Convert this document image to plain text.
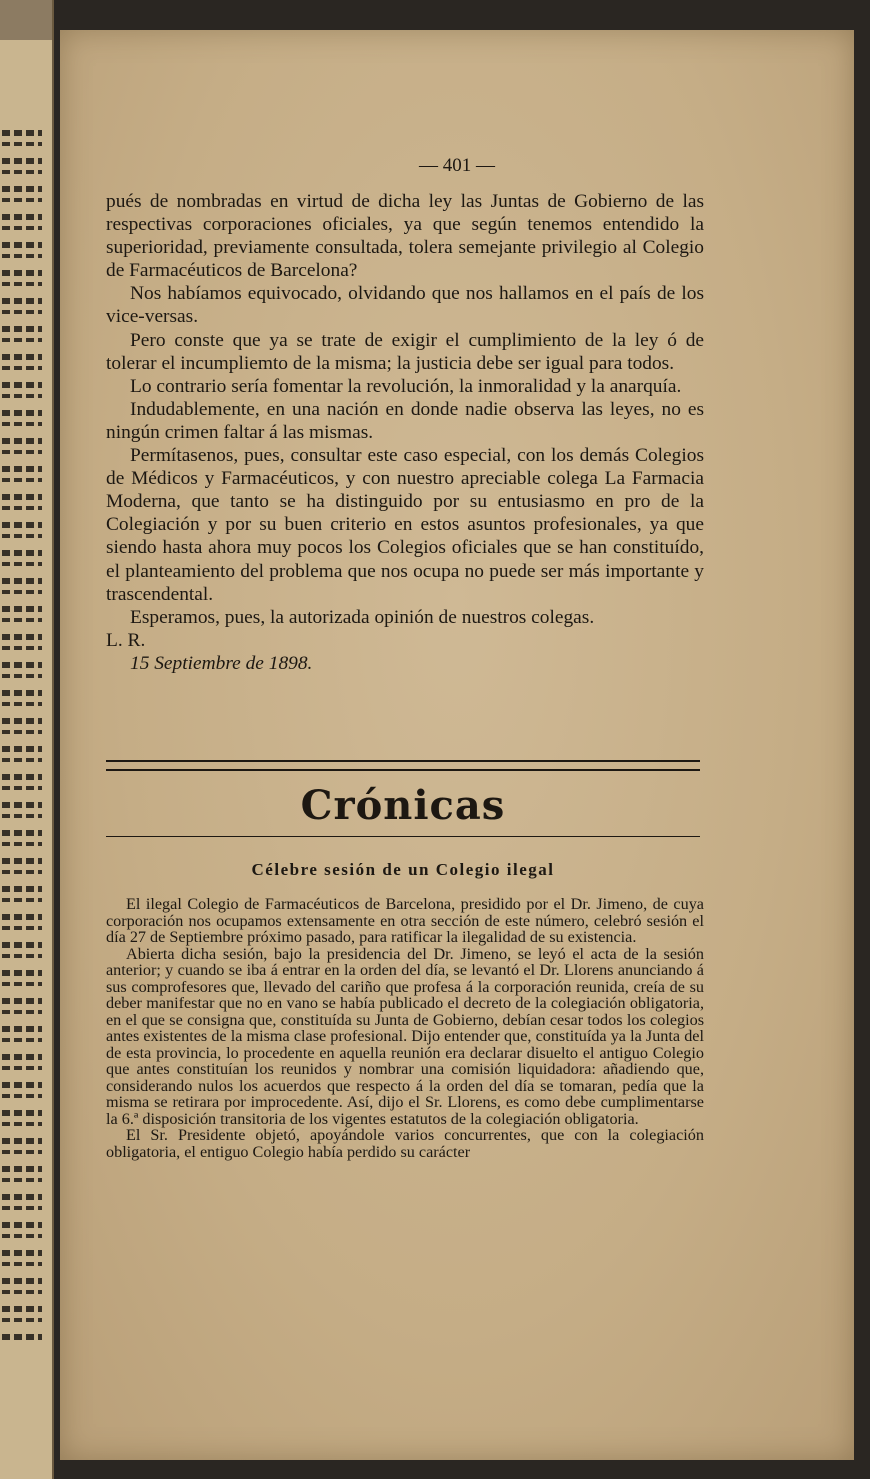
— 401 —

pués de nombradas en virtud de dicha ley las Juntas de Gobierno de las respectivas corporaciones oficiales, ya que según tenemos entendido la superioridad, previamente consultada, tolera semejante privilegio al Colegio de Farmacéuticos de Barcelona?

Nos habíamos equivocado, olvidando que nos hallamos en el país de los vice-versas.

Pero conste que ya se trate de exigir el cumplimiento de la ley ó de tolerar el incumpliemto de la misma; la justicia debe ser igual para todos.

Lo contrario sería fomentar la revolución, la inmoralidad y la anarquía.

Indudablemente, en una nación en donde nadie observa las leyes, no es ningún crimen faltar á las mismas.

Permítasenos, pues, consultar este caso especial, con los demás Colegios de Médicos y Farmacéuticos, y con nuestro apreciable colega La Farmacia Moderna, que tanto se ha distinguido por su entusiasmo en pro de la Colegiación y por su buen criterio en estos asuntos profesionales, ya que siendo hasta ahora muy pocos los Colegios oficiales que se han constituído, el planteamiento del problema que nos ocupa no puede ser más importante y trascendental.

Esperamos, pues, la autorizada opinión de nuestros colegas.

L. R.

15 Septiembre de 1898.

Crónicas
Célebre sesión de un Colegio ilegal

El ilegal Colegio de Farmacéuticos de Barcelona, presidido por el Dr. Jimeno, de cuya corporación nos ocupamos extensamente en otra sección de este número, celebró sesión el día 27 de Septiembre próximo pasado, para ratificar la ilegalidad de su existencia.

Abierta dicha sesión, bajo la presidencia del Dr. Jimeno, se leyó el acta de la sesión anterior; y cuando se iba á entrar en la orden del día, se levantó el Dr. Llorens anunciando á sus comprofesores que, llevado del cariño que profesa á la corporación reunida, creía de su deber manifestar que no en vano se había publicado el decreto de la colegiación obligatoria, en el que se consigna que, constituída su Junta de Gobierno, debían cesar todos los colegios antes existentes de la misma clase profesional. Dijo entender que, constituída ya la Junta del de esta provincia, lo procedente en aquella reunión era declarar disuelto el antiguo Colegio que antes constituían los reunidos y nombrar una comisión liquidadora: añadiendo que, considerando nulos los acuerdos que respecto á la orden del día se tomaran, pedía que la misma se retirara por improcedente. Así, dijo el Sr. Llorens, es como debe cumplimentarse la 6.ª disposición transitoria de los vigentes estatutos de la colegiación obligatoria.

El Sr. Presidente objetó, apoyándole varios concurrentes, que con la colegiación obligatoria, el entiguo Colegio había perdido su carácter
